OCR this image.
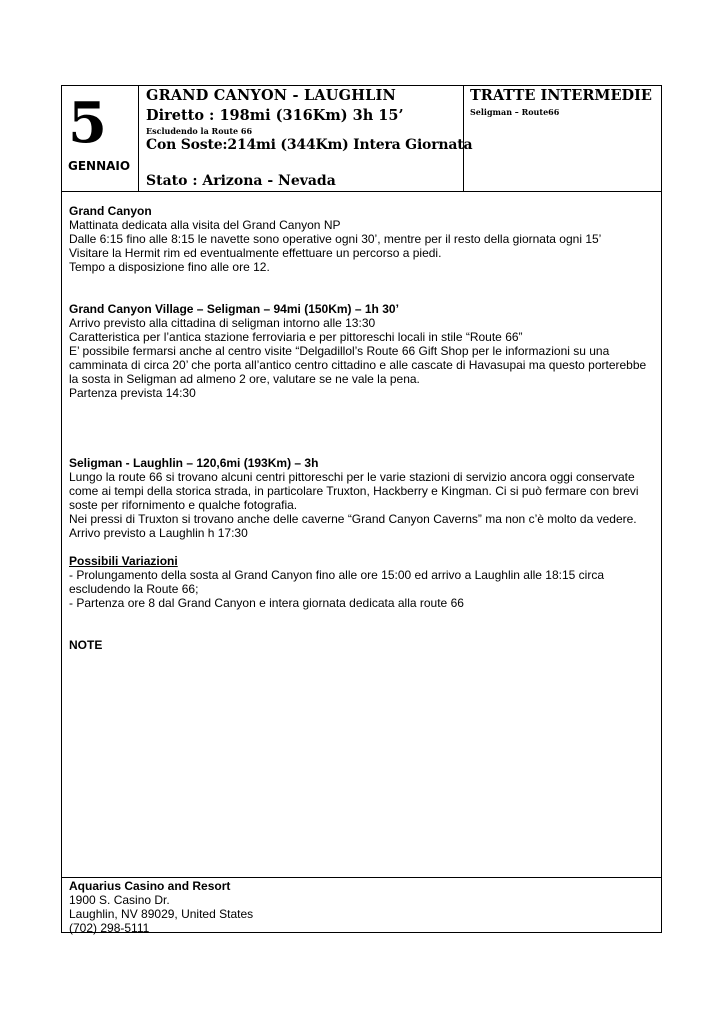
5
GENNAIO
GRAND CANYON - LAUGHLIN
Diretto : 198mi (316Km) 3h 15’
Escludendo la Route 66
Con Soste:214mi (344Km) Intera Giornata
Stato : Arizona - Nevada
TRATTE INTERMEDIE
Seligman – Route66
Grand Canyon
Mattinata dedicata alla visita del Grand Canyon NP
Dalle 6:15 fino alle 8:15 le navette sono operative ogni 30’, mentre per il resto della giornata ogni 15’
Visitare la Hermit rim ed eventualmente effettuare un percorso a piedi.
Tempo a disposizione fino alle ore 12.
Grand Canyon Village – Seligman – 94mi (150Km) – 1h 30’
Arrivo previsto alla cittadina di seligman intorno alle 13:30
Caratteristica per l’antica stazione ferroviaria e per pittoreschi locali in stile “Route 66”
E’ possibile fermarsi anche al centro visite “Delgadillol’s Route 66 Gift Shop per le informazioni su una
camminata di circa 20’ che porta all’antico centro cittadino e alle cascate di Havasupai ma questo porterebbe
la sosta in Seligman ad almeno 2 ore, valutare se ne vale la pena.
Partenza prevista 14:30
Seligman - Laughlin – 120,6mi (193Km) – 3h
Lungo la route 66 si trovano alcuni centri pittoreschi per le varie stazioni di servizio ancora oggi conservate
come ai tempi della storica strada, in particolare Truxton, Hackberry e Kingman. Ci si può fermare con brevi
soste per rifornimento e qualche fotografia.
Nei pressi di Truxton si trovano anche delle caverne “Grand Canyon Caverns” ma non c’è molto da vedere.
Arrivo previsto a Laughlin h 17:30
Possibili Variazioni
- Prolungamento della sosta al Grand Canyon fino alle ore 15:00 ed arrivo a Laughlin alle 18:15 circa
escludendo la Route 66;
- Partenza ore 8 dal Grand Canyon e intera giornata dedicata alla route 66
NOTE
Aquarius Casino and Resort
1900 S. Casino Dr.
Laughlin, NV 89029, United States
(702) 298-5111
